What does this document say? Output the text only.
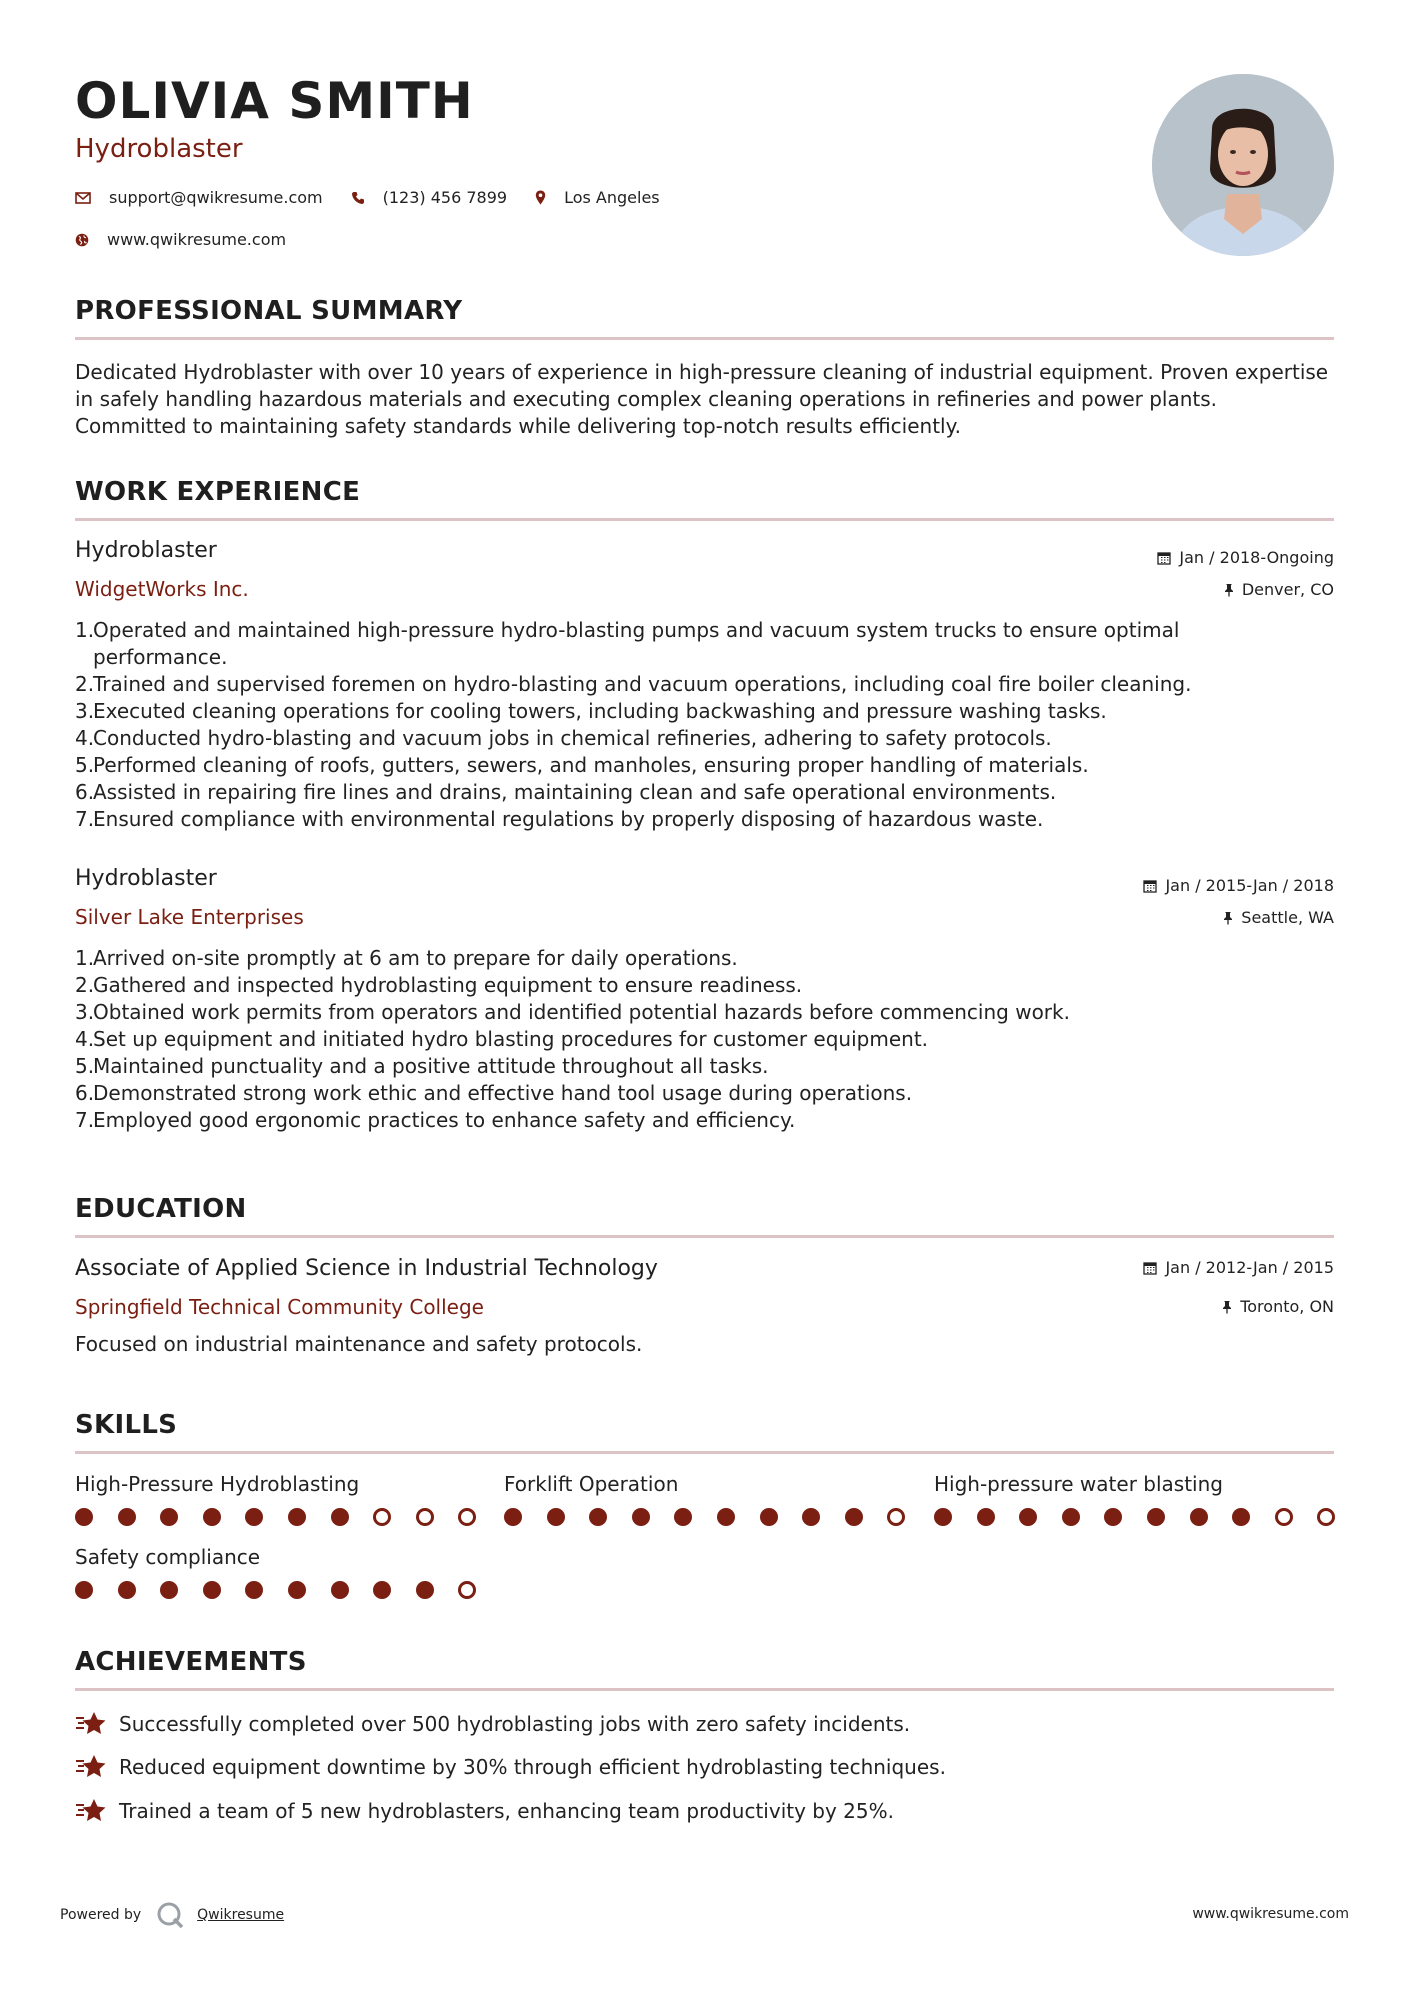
OLIVIA SMITH
Hydroblaster
support@qwikresume.com	(123) 456 7899	Los Angeles
www.qwikresume.com
PROFESSIONAL SUMMARY
Dedicated Hydroblaster with over 10 years of experience in high-pressure cleaning of industrial equipment. Proven expertise in safely handling hazardous materials and executing complex cleaning operations in refineries and power plants. Committed to maintaining safety standards while delivering top-notch results efficiently.
WORK EXPERIENCE
Hydroblaster	Jan / 2018-Ongoing
WidgetWorks Inc.	Denver, CO
1.
Operated and maintained high-pressure hydro-blasting pumps and vacuum system trucks to ensure optimal performance.
2.
Trained and supervised foremen on hydro-blasting and vacuum operations, including coal fire boiler cleaning.
3.
Executed cleaning operations for cooling towers, including backwashing and pressure washing tasks.
4.
Conducted hydro-blasting and vacuum jobs in chemical refineries, adhering to safety protocols.
5.
Performed cleaning of roofs, gutters, sewers, and manholes, ensuring proper handling of materials.
6.
Assisted in repairing fire lines and drains, maintaining clean and safe operational environments.
7.
Ensured compliance with environmental regulations by properly disposing of hazardous waste.
Hydroblaster	Jan / 2015-Jan / 2018
Silver Lake Enterprises	Seattle, WA
1.
Arrived on-site promptly at 6 am to prepare for daily operations.
2.
Gathered and inspected hydroblasting equipment to ensure readiness.
3.
Obtained work permits from operators and identified potential hazards before commencing work.
4.
Set up equipment and initiated hydro blasting procedures for customer equipment.
5.
Maintained punctuality and a positive attitude throughout all tasks.
6.
Demonstrated strong work ethic and effective hand tool usage during operations.
7.
Employed good ergonomic practices to enhance safety and efficiency.
EDUCATION
Associate of Applied Science in Industrial Technology	Jan / 2012-Jan / 2015
Springfield Technical Community College	Toronto, ON
Focused on industrial maintenance and safety protocols.
SKILLS
High-Pressure Hydroblasting	Forklift Operation	High-pressure water blasting
Safety compliance
ACHIEVEMENTS
Successfully completed over 500 hydroblasting jobs with zero safety incidents.
Reduced equipment downtime by 30% through efficient hydroblasting techniques.
Trained a team of 5 new hydroblasters, enhancing team productivity by 25%.
Powered by	Qwikresume	www.qwikresume.com
